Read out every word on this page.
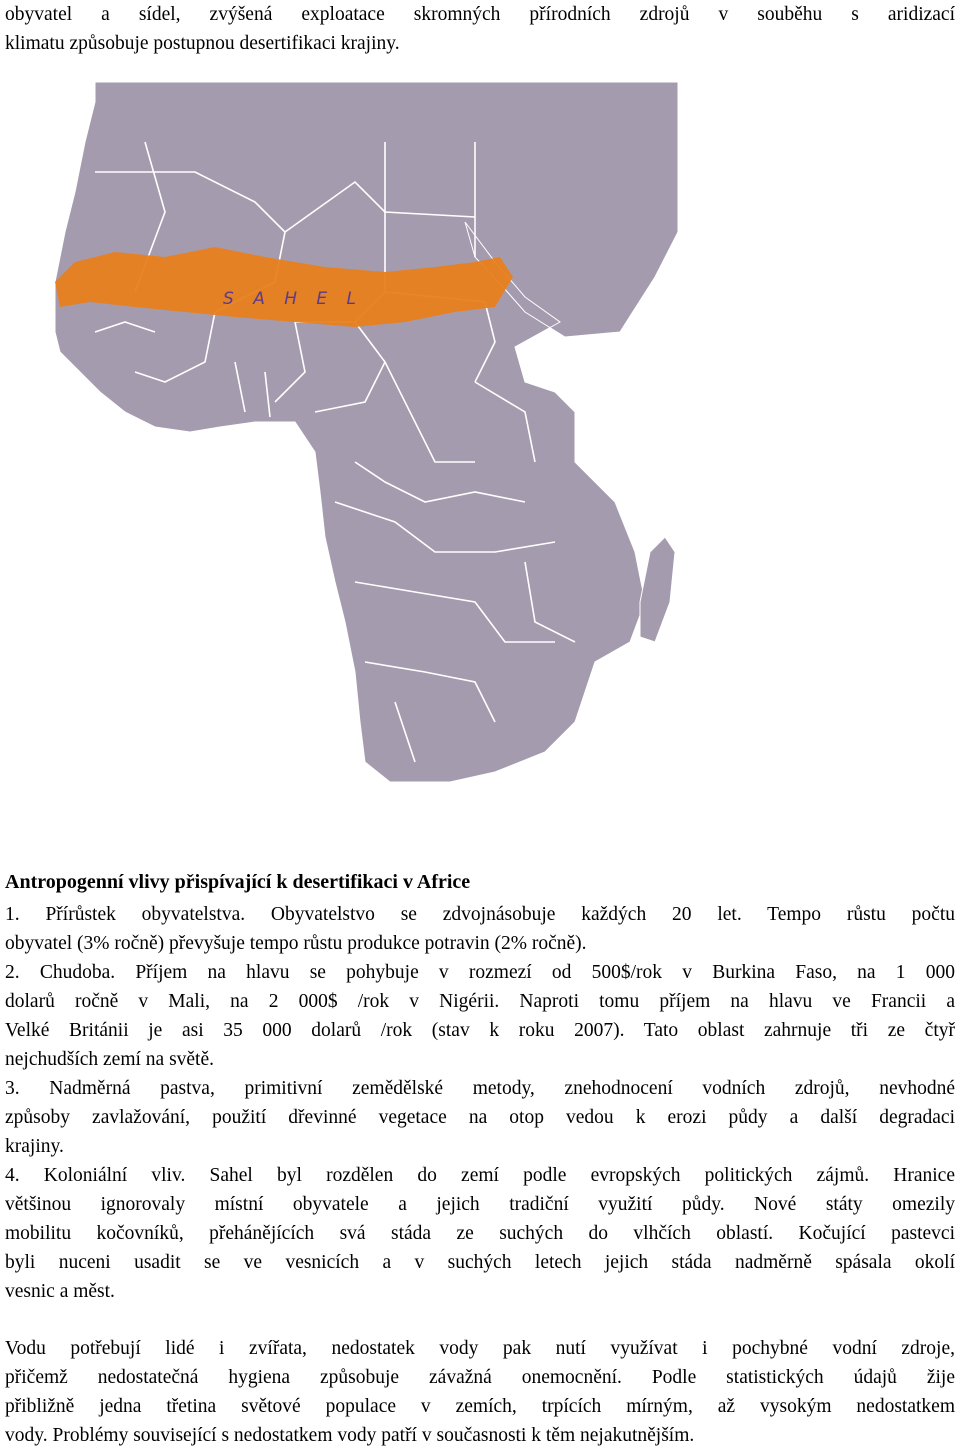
obyvatel a sídel, zvýšená exploatace skromných přírodních zdrojů v souběhu s aridizací
klimatu způsobuje postupnou desertifikaci krajiny.

S A H E L
Antropogenní vlivy přispívající k desertifikaci v Africe

1. Přírůstek obyvatelstva. Obyvatelstvo se zdvojnásobuje každých 20 let. Tempo růstu počtu
obyvatel (3% ročně) převyšuje tempo růstu produkce potravin (2% ročně).

2. Chudoba. Příjem na hlavu se pohybuje v rozmezí od 500$/rok v Burkina Faso, na 1 000
dolarů ročně v Mali, na 2 000$ /rok v Nigérii. Naproti tomu příjem na hlavu ve Francii a
Velké Británii je asi 35 000 dolarů /rok (stav k roku 2007). Tato oblast zahrnuje tři ze čtyř
nejchudších zemí na světě.

3. Nadměrná pastva, primitivní zemědělské metody, znehodnocení vodních zdrojů, nevhodné
způsoby zavlažování, použití dřevinné vegetace na otop vedou k erozi půdy a další degradaci
krajiny.

4. Koloniální vliv. Sahel byl rozdělen do zemí podle evropských politických zájmů. Hranice
většinou ignorovaly místní obyvatele a jejich tradiční využití půdy. Nové státy omezily
mobilitu kočovníků, přehánějících svá stáda ze suchých do vlhčích oblastí. Kočující pastevci
byli nuceni usadit se ve vesnicích a v suchých letech jejich stáda nadměrně spásala okolí
vesnic a měst.

Vodu potřebují lidé i zvířata, nedostatek vody pak nutí využívat i pochybné vodní zdroje,
přičemž nedostatečná hygiena způsobuje závažná onemocnění. Podle statistických údajů žije
přibližně jedna třetina světové populace v zemích, trpících mírným, až vysokým nedostatkem
vody. Problémy související s nedostatkem vody patří v současnosti k těm nejakutnějším.
